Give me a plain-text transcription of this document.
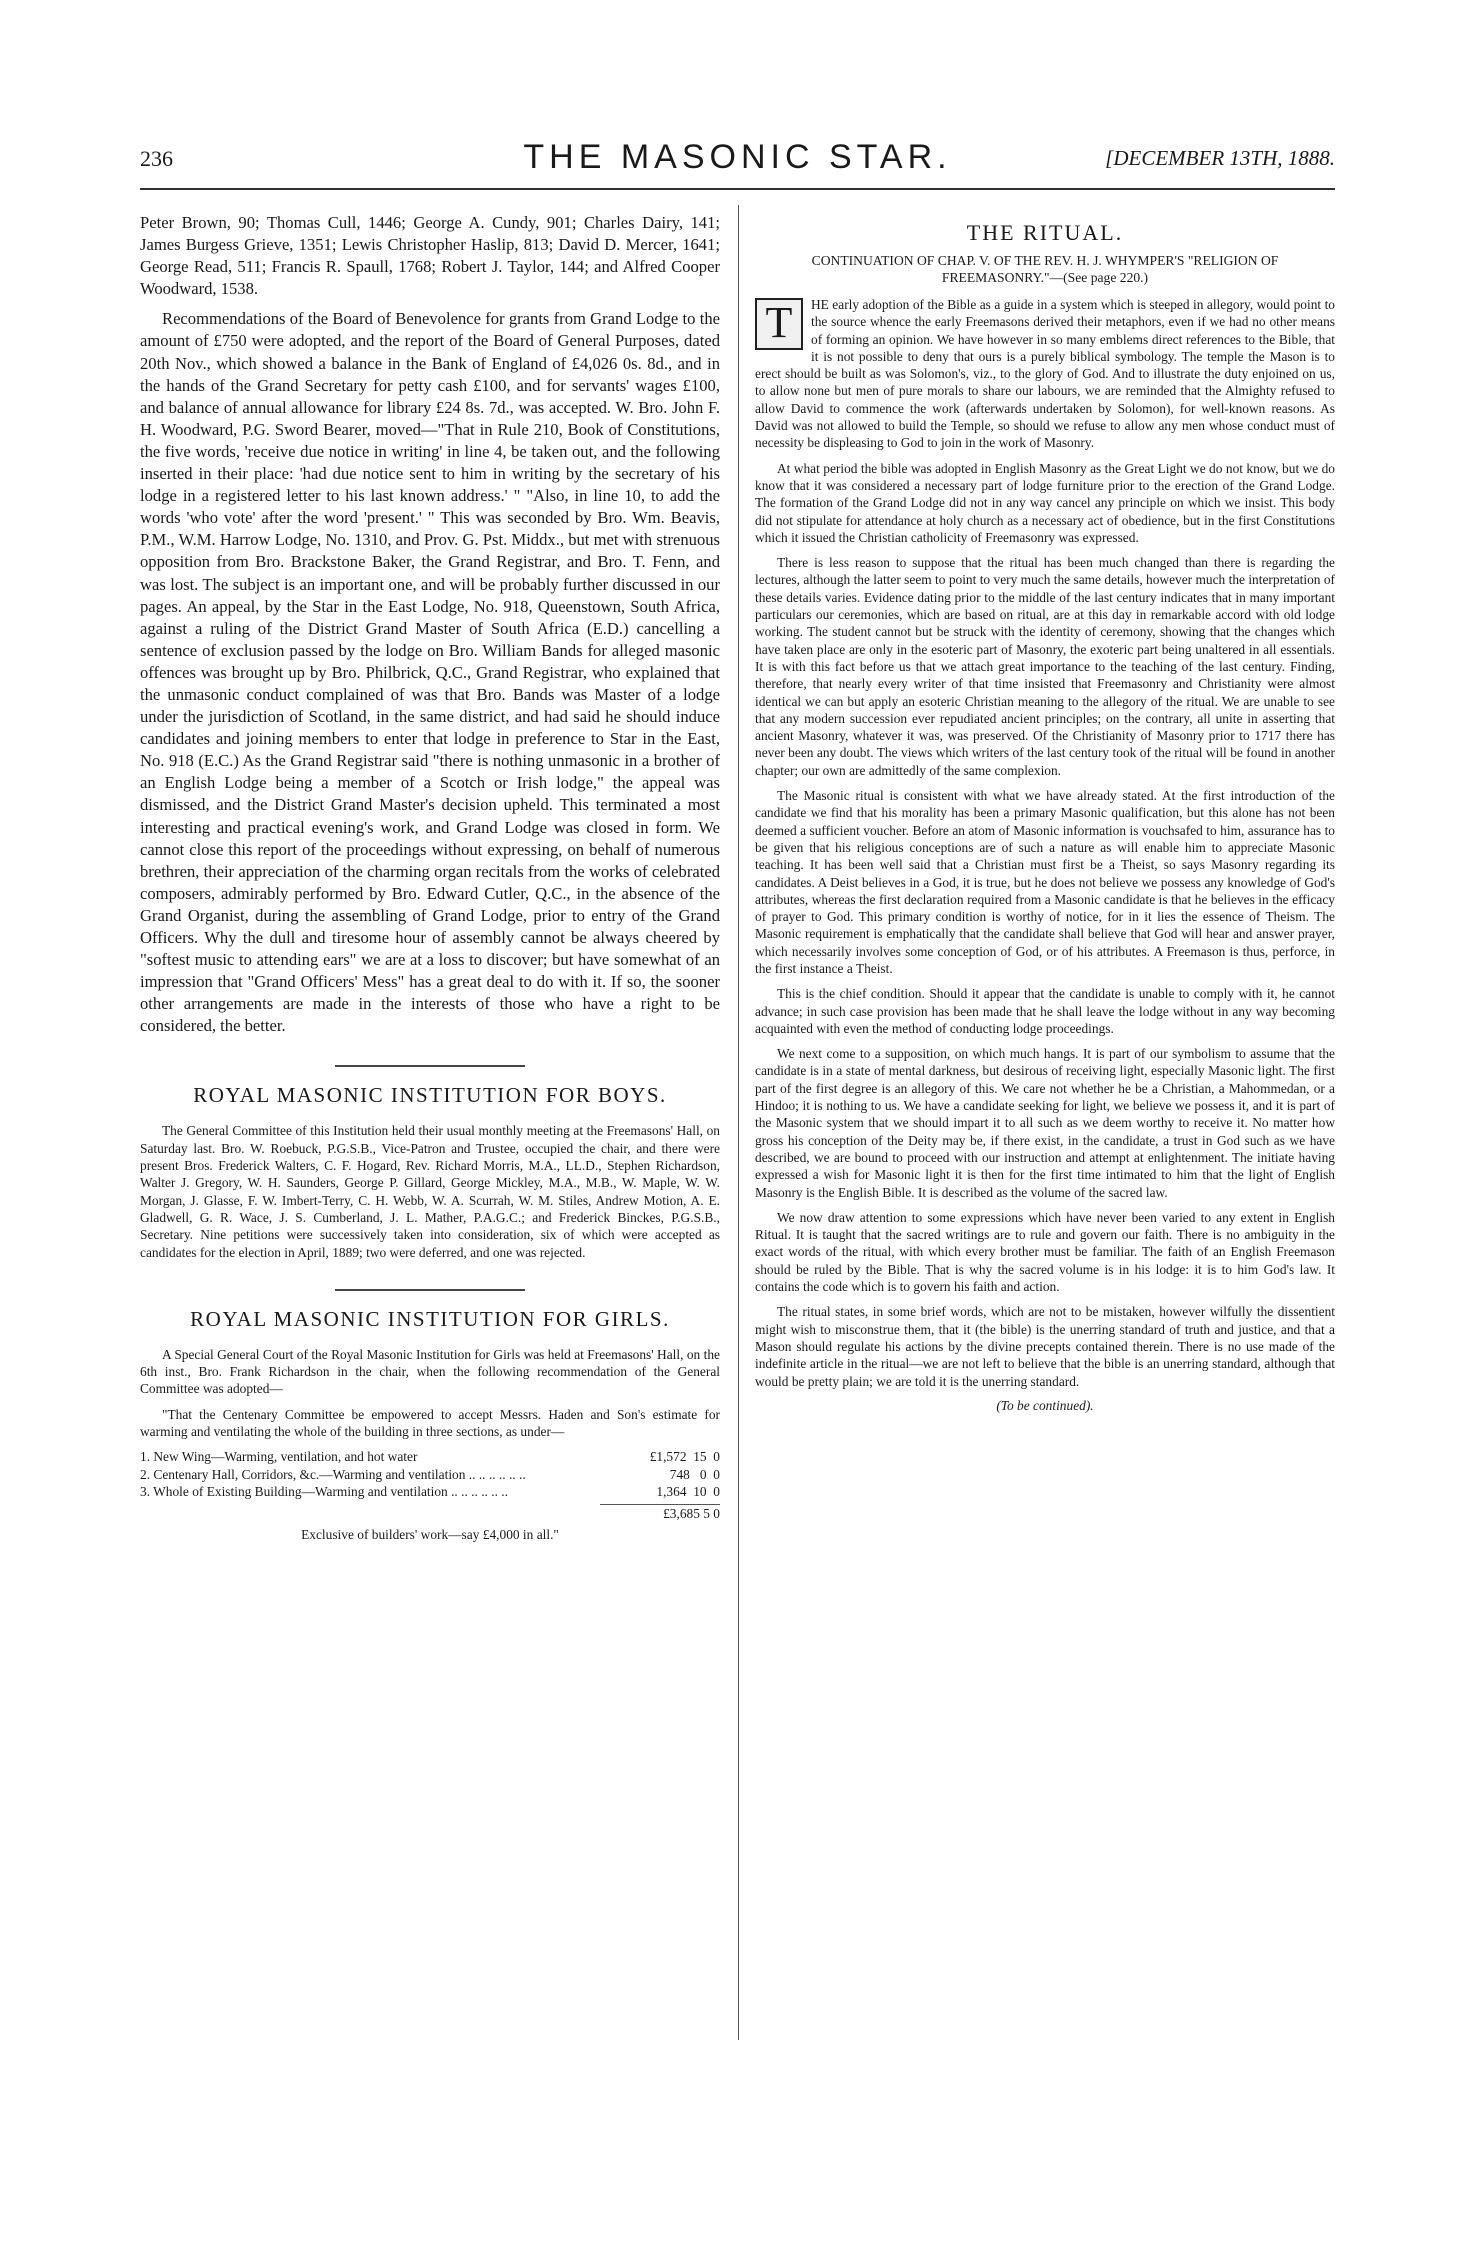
236	THE MASONIC STAR.	[DECEMBER 13TH, 1888.

Peter Brown, 90; Thomas Cull, 1446; George A. Cundy, 901; Charles Dairy, 141; James Burgess Grieve, 1351; Lewis Christopher Haslip, 813; David D. Mercer, 1641; George Read, 511; Francis R. Spaull, 1768; Robert J. Taylor, 144; and Alfred Cooper Woodward, 1538.

Recommendations of the Board of Benevolence for grants from Grand Lodge to the amount of £750 were adopted, and the report of the Board of General Purposes, dated 20th Nov., which showed a balance in the Bank of England of £4,026 0s. 8d., and in the hands of the Grand Secretary for petty cash £100, and for servants' wages £100, and balance of annual allowance for library £24 8s. 7d., was accepted. W. Bro. John F. H. Woodward, P.G. Sword Bearer, moved—"That in Rule 210, Book of Constitutions, the five words, 'receive due notice in writing' in line 4, be taken out, and the following inserted in their place: 'had due notice sent to him in writing by the secretary of his lodge in a registered letter to his last known address.' " "Also, in line 10, to add the words 'who vote' after the word 'present.' " This was seconded by Bro. Wm. Beavis, P.M., W.M. Harrow Lodge, No. 1310, and Prov. G. Pst. Middx., but met with strenuous opposition from Bro. Brackstone Baker, the Grand Registrar, and Bro. T. Fenn, and was lost. The subject is an important one, and will be probably further discussed in our pages. An appeal, by the Star in the East Lodge, No. 918, Queenstown, South Africa, against a ruling of the District Grand Master of South Africa (E.D.) cancelling a sentence of exclusion passed by the lodge on Bro. William Bands for alleged masonic offences was brought up by Bro. Philbrick, Q.C., Grand Registrar, who explained that the unmasonic conduct complained of was that Bro. Bands was Master of a lodge under the jurisdiction of Scotland, in the same district, and had said he should induce candidates and joining members to enter that lodge in preference to Star in the East, No. 918 (E.C.) As the Grand Registrar said "there is nothing unmasonic in a brother of an English Lodge being a member of a Scotch or Irish lodge," the appeal was dismissed, and the District Grand Master's decision upheld. This terminated a most interesting and practical evening's work, and Grand Lodge was closed in form. We cannot close this report of the proceedings without expressing, on behalf of numerous brethren, their appreciation of the charming organ recitals from the works of celebrated composers, admirably performed by Bro. Edward Cutler, Q.C., in the absence of the Grand Organist, during the assembling of Grand Lodge, prior to entry of the Grand Officers. Why the dull and tiresome hour of assembly cannot be always cheered by "softest music to attending ears" we are at a loss to discover; but have somewhat of an impression that "Grand Officers' Mess" has a great deal to do with it. If so, the sooner other arrangements are made in the interests of those who have a right to be considered, the better.

ROYAL MASONIC INSTITUTION FOR BOYS.

The General Committee of this Institution held their usual monthly meeting at the Freemasons' Hall, on Saturday last. Bro. W. Roebuck, P.G.S.B., Vice-Patron and Trustee, occupied the chair, and there were present Bros. Frederick Walters, C. F. Hogard, Rev. Richard Morris, M.A., LL.D., Stephen Richardson, Walter J. Gregory, W. H. Saunders, George P. Gillard, George Mickley, M.A., M.B., W. Maple, W. W. Morgan, J. Glasse, F. W. Imbert-Terry, C. H. Webb, W. A. Scurrah, W. M. Stiles, Andrew Motion, A. E. Gladwell, G. R. Wace, J. S. Cumberland, J. L. Mather, P.A.G.C.; and Frederick Binckes, P.G.S.B., Secretary. Nine petitions were successively taken into consideration, six of which were accepted as candidates for the election in April, 1889; two were deferred, and one was rejected.

ROYAL MASONIC INSTITUTION FOR GIRLS.

A Special General Court of the Royal Masonic Institution for Girls was held at Freemasons' Hall, on the 6th inst., Bro. Frank Richardson in the chair, when the following recommendation of the General Committee was adopted—

"That the Centenary Committee be empowered to accept Messrs. Haden and Son's estimate for warming and ventilating the whole of the building in three sections, as under—

1. New Wing—Warming, ventilation, and hot water	£1,572  15  0
2. Centenary Hall, Corridors, &c.—Warming and ventilation .. .. .. .. .. ..	748   0  0
3. Whole of Existing Building—Warming and ventilation .. .. .. .. .. ..	1,364  10  0
£3,685 5 0
Exclusive of builders' work—say £4,000 in all."
THE RITUAL.
CONTINUATION OF CHAP. V. OF THE REV. H. J. WHYMPER'S "RELIGION OF FREEMASONRY."—(See page 220.)

T	HE early adoption of the Bible as a guide in a system which is steeped in allegory, would point to the source whence the early Freemasons derived their metaphors, even if we had no other means of forming an opinion. We have however in so many emblems direct references to the Bible, that it is not possible to deny that ours is a purely biblical symbology. The temple the Mason is to erect should be built as was Solomon's, viz., to the glory of God. And to illustrate the duty enjoined on us, to allow none but men of pure morals to share our labours, we are reminded that the Almighty refused to allow David to commence the work (afterwards undertaken by Solomon), for well-known reasons. As David was not allowed to build the Temple, so should we refuse to allow any men whose conduct must of necessity be displeasing to God to join in the work of Masonry.

At what period the bible was adopted in English Masonry as the Great Light we do not know, but we do know that it was considered a necessary part of lodge furniture prior to the erection of the Grand Lodge. The formation of the Grand Lodge did not in any way cancel any principle on which we insist. This body did not stipulate for attendance at holy church as a necessary act of obedience, but in the first Constitutions which it issued the Christian catholicity of Freemasonry was expressed.

There is less reason to suppose that the ritual has been much changed than there is regarding the lectures, although the latter seem to point to very much the same details, however much the interpretation of these details varies. Evidence dating prior to the middle of the last century indicates that in many important particulars our ceremonies, which are based on ritual, are at this day in remarkable accord with old lodge working. The student cannot but be struck with the identity of ceremony, showing that the changes which have taken place are only in the esoteric part of Masonry, the exoteric part being unaltered in all essentials. It is with this fact before us that we attach great importance to the teaching of the last century. Finding, therefore, that nearly every writer of that time insisted that Freemasonry and Christianity were almost identical we can but apply an esoteric Christian meaning to the allegory of the ritual. We are unable to see that any modern succession ever repudiated ancient principles; on the contrary, all unite in asserting that ancient Masonry, whatever it was, was preserved. Of the Christianity of Masonry prior to 1717 there has never been any doubt. The views which writers of the last century took of the ritual will be found in another chapter; our own are admittedly of the same complexion.

The Masonic ritual is consistent with what we have already stated. At the first introduction of the candidate we find that his morality has been a primary Masonic qualification, but this alone has not been deemed a sufficient voucher. Before an atom of Masonic information is vouchsafed to him, assurance has to be given that his religious conceptions are of such a nature as will enable him to appreciate Masonic teaching. It has been well said that a Christian must first be a Theist, so says Masonry regarding its candidates. A Deist believes in a God, it is true, but he does not believe we possess any knowledge of God's attributes, whereas the first declaration required from a Masonic candidate is that he believes in the efficacy of prayer to God. This primary condition is worthy of notice, for in it lies the essence of Theism. The Masonic requirement is emphatically that the candidate shall believe that God will hear and answer prayer, which necessarily involves some conception of God, or of his attributes. A Freemason is thus, perforce, in the first instance a Theist.

This is the chief condition. Should it appear that the candidate is unable to comply with it, he cannot advance; in such case provision has been made that he shall leave the lodge without in any way becoming acquainted with even the method of conducting lodge proceedings.

We next come to a supposition, on which much hangs. It is part of our symbolism to assume that the candidate is in a state of mental darkness, but desirous of receiving light, especially Masonic light. The first part of the first degree is an allegory of this. We care not whether he be a Christian, a Mahommedan, or a Hindoo; it is nothing to us. We have a candidate seeking for light, we believe we possess it, and it is part of the Masonic system that we should impart it to all such as we deem worthy to receive it. No matter how gross his conception of the Deity may be, if there exist, in the candidate, a trust in God such as we have described, we are bound to proceed with our instruction and attempt at enlightenment. The initiate having expressed a wish for Masonic light it is then for the first time intimated to him that the light of English Masonry is the English Bible. It is described as the volume of the sacred law.

We now draw attention to some expressions which have never been varied to any extent in English Ritual. It is taught that the sacred writings are to rule and govern our faith. There is no ambiguity in the exact words of the ritual, with which every brother must be familiar. The faith of an English Freemason should be ruled by the Bible. That is why the sacred volume is in his lodge: it is to him God's law. It contains the code which is to govern his faith and action.

The ritual states, in some brief words, which are not to be mistaken, however wilfully the dissentient might wish to misconstrue them, that it (the bible) is the unerring standard of truth and justice, and that a Mason should regulate his actions by the divine precepts contained therein. There is no use made of the indefinite article in the ritual—we are not left to believe that the bible is an unerring standard, although that would be pretty plain; we are told it is the unerring standard.

(To be continued).
